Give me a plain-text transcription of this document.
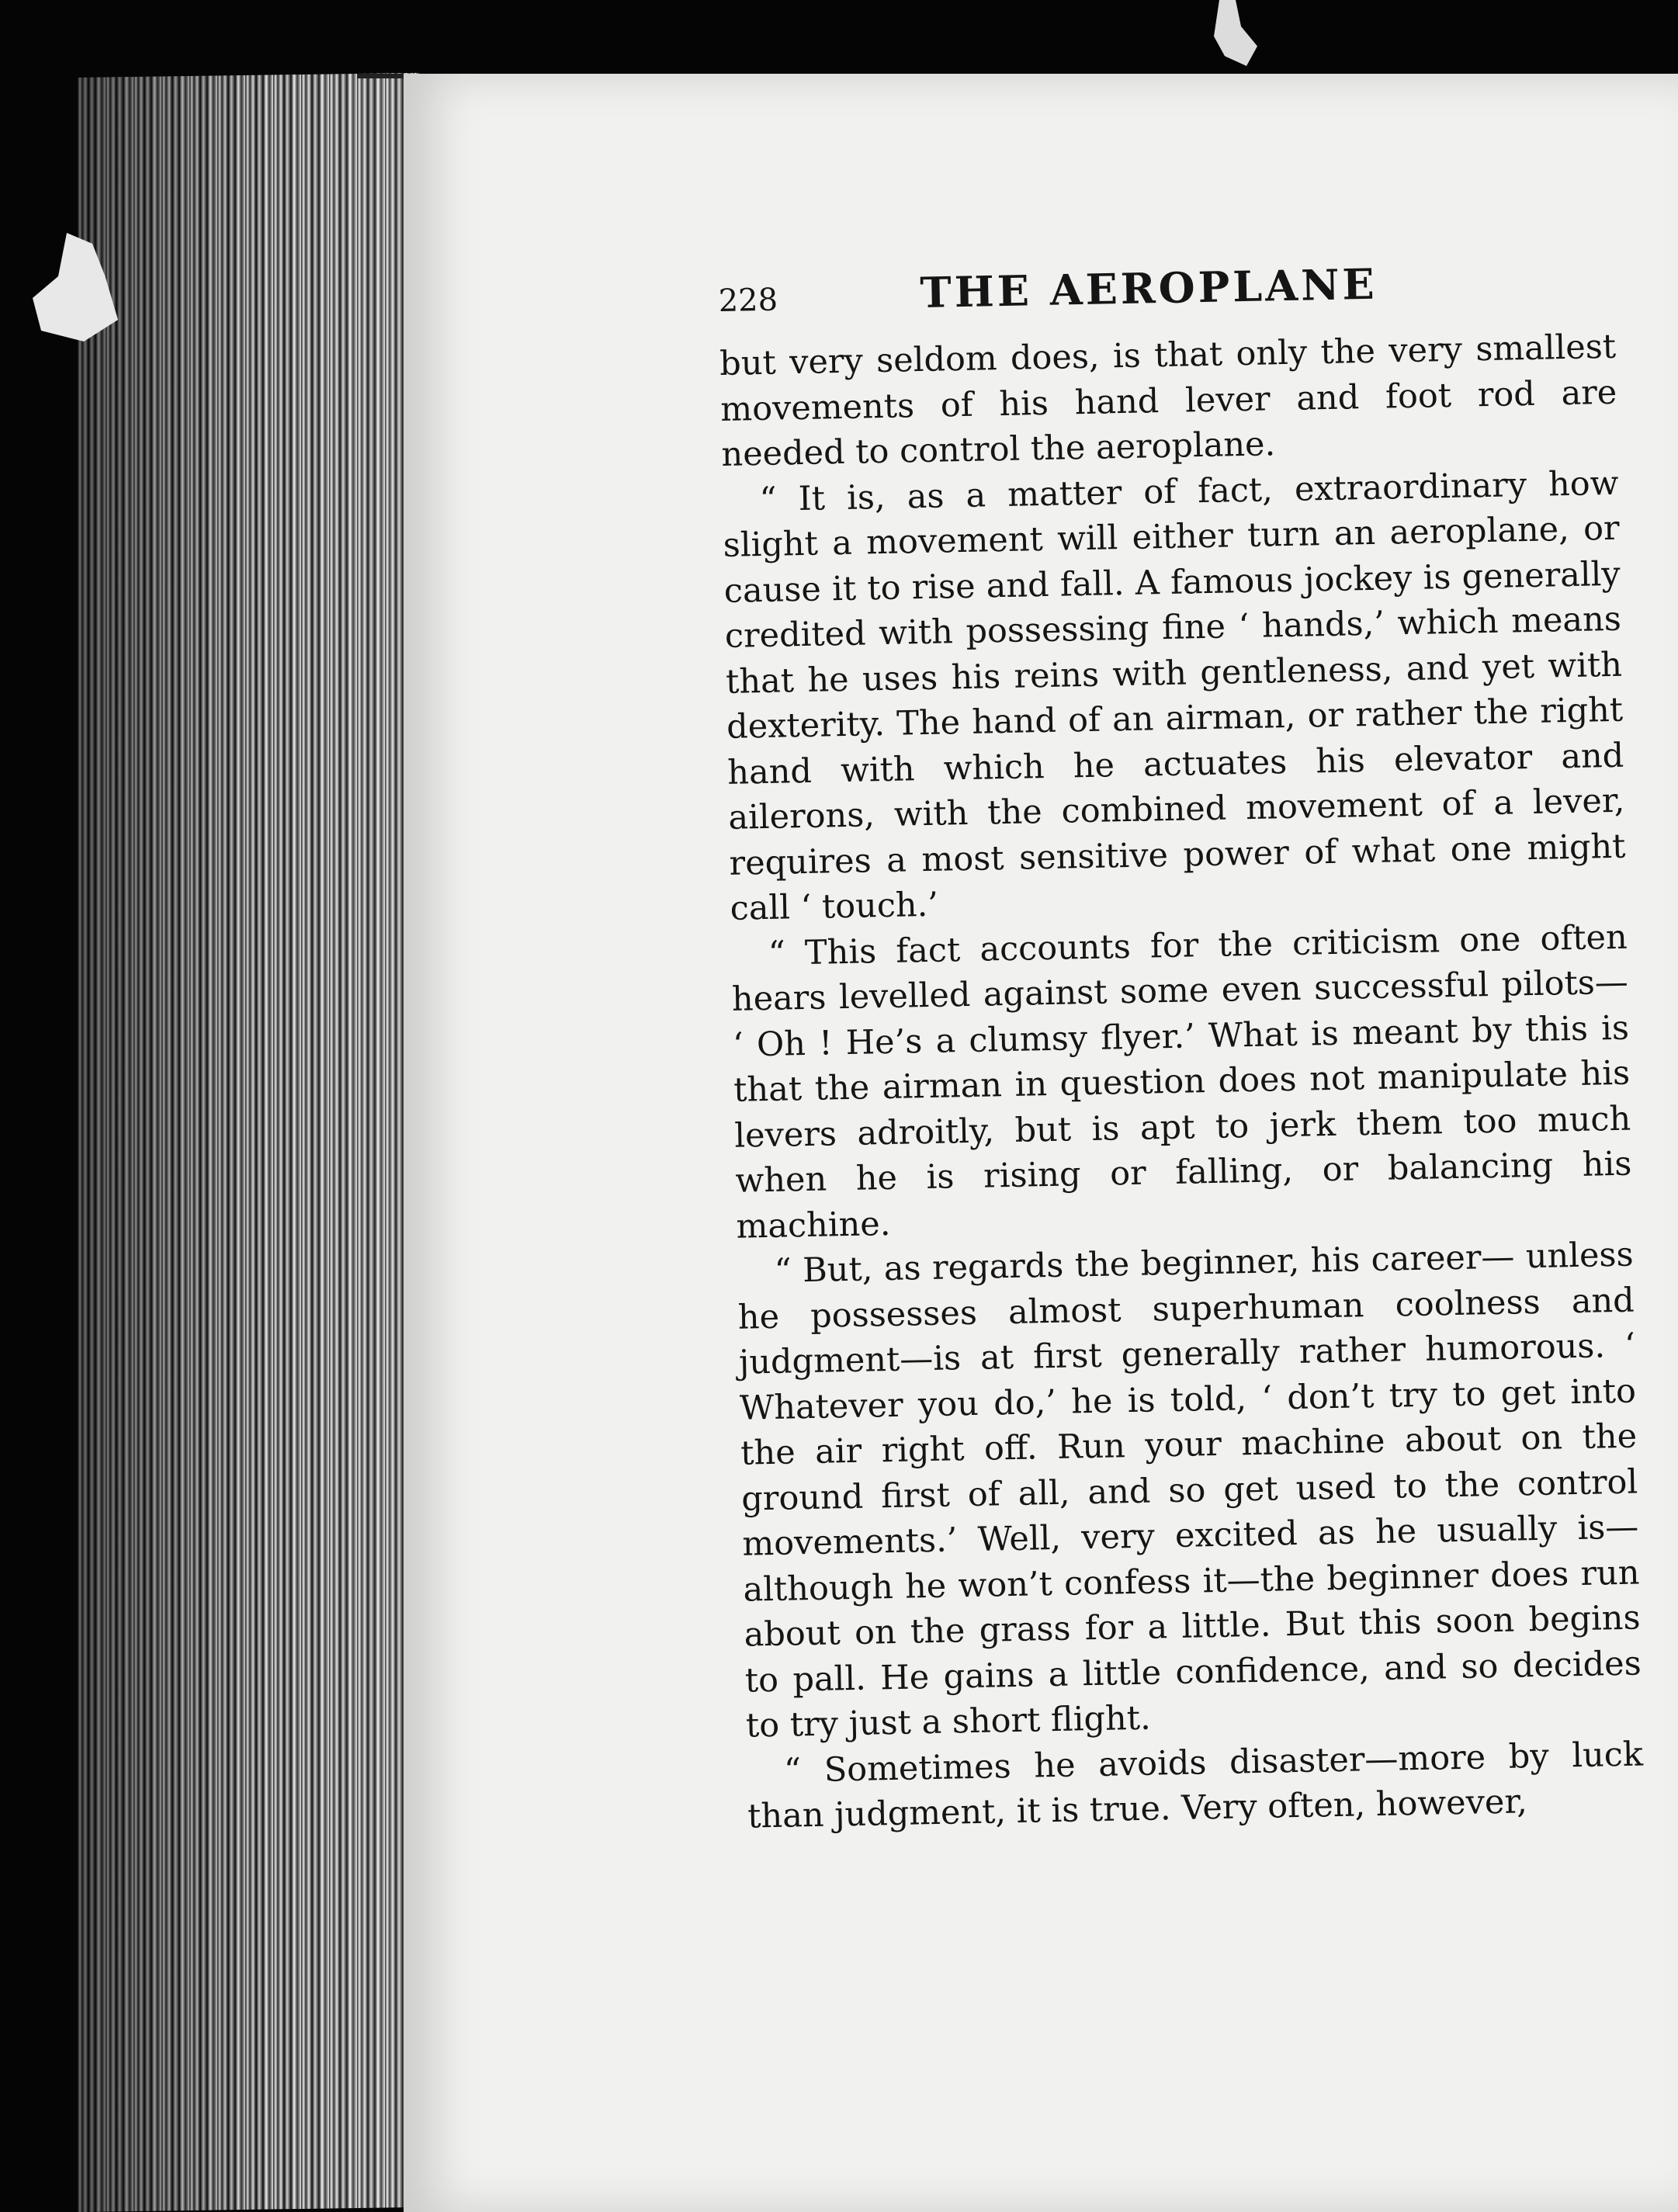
228	THE AEROPLANE

but very seldom does, is that only the very smallest movements of his hand lever and foot rod are needed to control the aeroplane.

“ It is, as a matter of fact, extraordinary how slight a movement will either turn an aeroplane, or cause it to rise and fall. A famous jockey is generally credited with possessing fine ‘ hands,’ which means that he uses his reins with gentleness, and yet with dexterity. The hand of an airman, or rather the right hand with which he actuates his elevator and ailerons, with the combined movement of a lever, requires a most sensitive power of what one might call ‘ touch.’

“ This fact accounts for the criticism one often hears levelled against some even successful pilots— ‘ Oh ! He’s a clumsy flyer.’ What is meant by this is that the airman in question does not manipulate his levers adroitly, but is apt to jerk them too much when he is rising or falling, or balancing his machine.

“ But, as regards the beginner, his career— unless he possesses almost superhuman coolness and judgment—is at first generally rather humorous. ‘ Whatever you do,’ he is told, ‘ don’t try to get into the air right off. Run your machine about on the ground first of all, and so get used to the control movements.’ Well, very excited as he usually is—although he won’t confess it—the beginner does run about on the grass for a little. But this soon begins to pall. He gains a little confidence, and so decides to try just a short flight.

“ Sometimes he avoids disaster—more by luck than judgment, it is true. Very often, however,
